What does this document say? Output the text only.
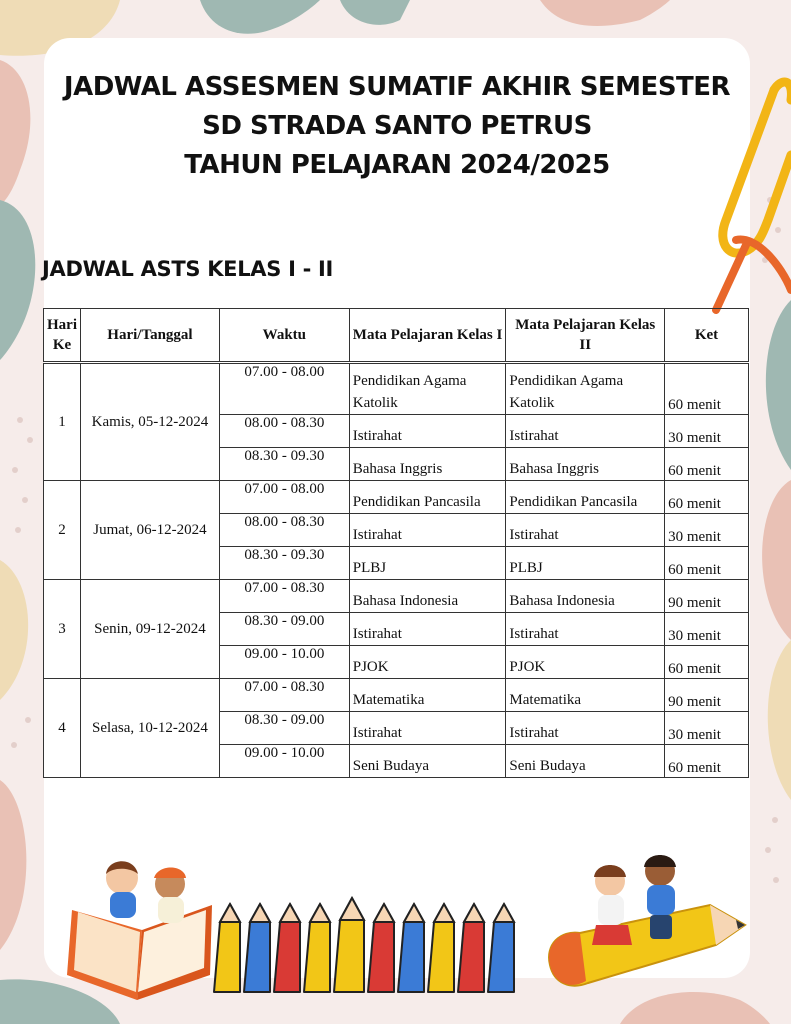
JADWAL ASSESMEN SUMATIF AKHIR SEMESTER
SD STRADA SANTO PETRUS
TAHUN PELAJARAN 2024/2025
JADWAL ASTS KELAS I - II
Hari Ke	Hari/Tanggal	Waktu	Mata Pelajaran Kelas I	Mata Pelajaran Kelas II	Ket
1	Kamis, 05-12-2024	07.00 - 08.00	Pendidikan Agama Katolik	Pendidikan Agama Katolik	60 menit
		08.00 - 08.30	Istirahat	Istirahat	30 menit
		08.30 - 09.30	Bahasa Inggris	Bahasa Inggris	60 menit
2	Jumat, 06-12-2024	07.00 - 08.00	Pendidikan Pancasila	Pendidikan Pancasila	60 menit
		08.00 - 08.30	Istirahat	Istirahat	30 menit
		08.30 - 09.30	PLBJ	PLBJ	60 menit
3	Senin, 09-12-2024	07.00 - 08.30	Bahasa Indonesia	Bahasa Indonesia	90 menit
		08.30 - 09.00	Istirahat	Istirahat	30 menit
		09.00 - 10.00	PJOK	PJOK	60 menit
4	Selasa, 10-12-2024	07.00 - 08.30	Matematika	Matematika	90 menit
		08.30 - 09.00	Istirahat	Istirahat	30 menit
		09.00 - 10.00	Seni Budaya	Seni Budaya	60 menit
